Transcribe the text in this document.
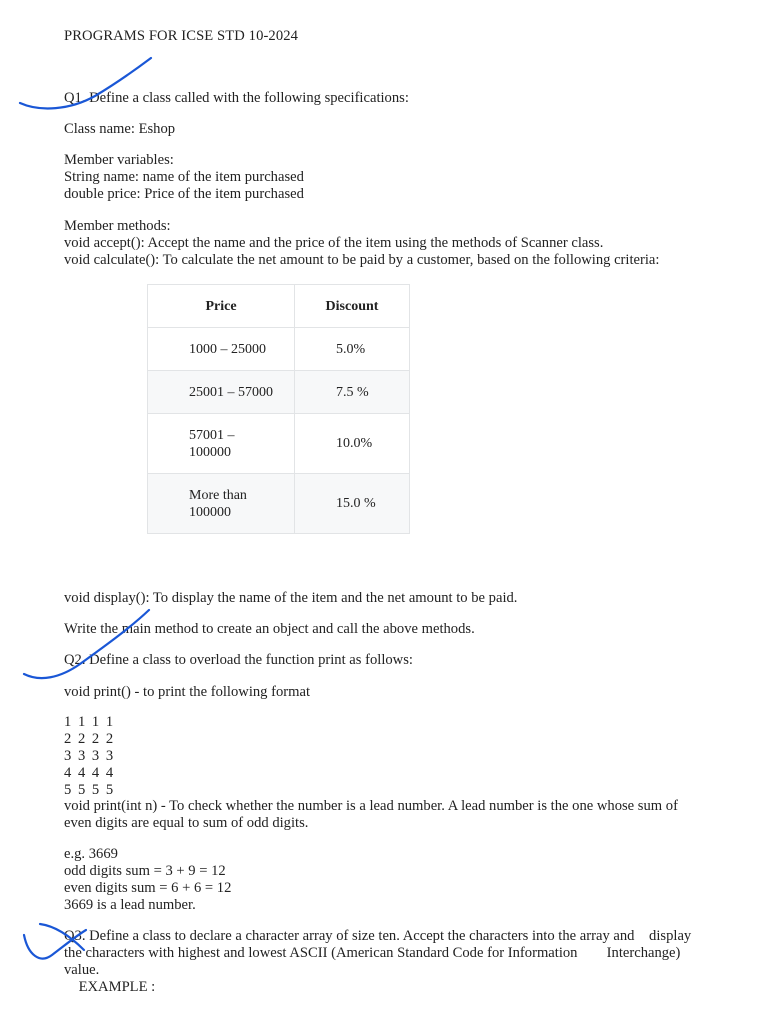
PROGRAMS FOR ICSE STD 10-2024
Q1. Define a class called with the following specifications:
Class name: Eshop
Member variables:
String name: name of the item purchased
double price: Price of the item purchased
Member methods:
void accept(): Accept the name and the price of the item using the methods of Scanner class.
void calculate(): To calculate the net amount to be paid by a customer, based on the following criteria:
Price	Discount
1000 – 25000	5.0%
25001 – 57000	7.5 %
57001 –
100000	10.0%
More than
100000	15.0 %
void display(): To display the name of the item and the net amount to be paid.
Write the main method to create an object and call the above methods.
Q2. Define a class to overload the function print as follows:
void print() - to print the following format
1 1 1 1
2 2 2 2
3 3 3 3
4 4 4 4
5 5 5 5
void print(int n) - To check whether the number is a lead number. A lead number is the one whose sum of
even digits are equal to sum of odd digits.
e.g. 3669
odd digits sum = 3 + 9 = 12
even digits sum = 6 + 6 = 12
3669 is a lead number.
Q3. Define a class to declare a character array of size ten. Accept the characters into the array and    display
the characters with highest and lowest ASCII (American Standard Code for Information        Interchange)
value.
EXAMPLE :
